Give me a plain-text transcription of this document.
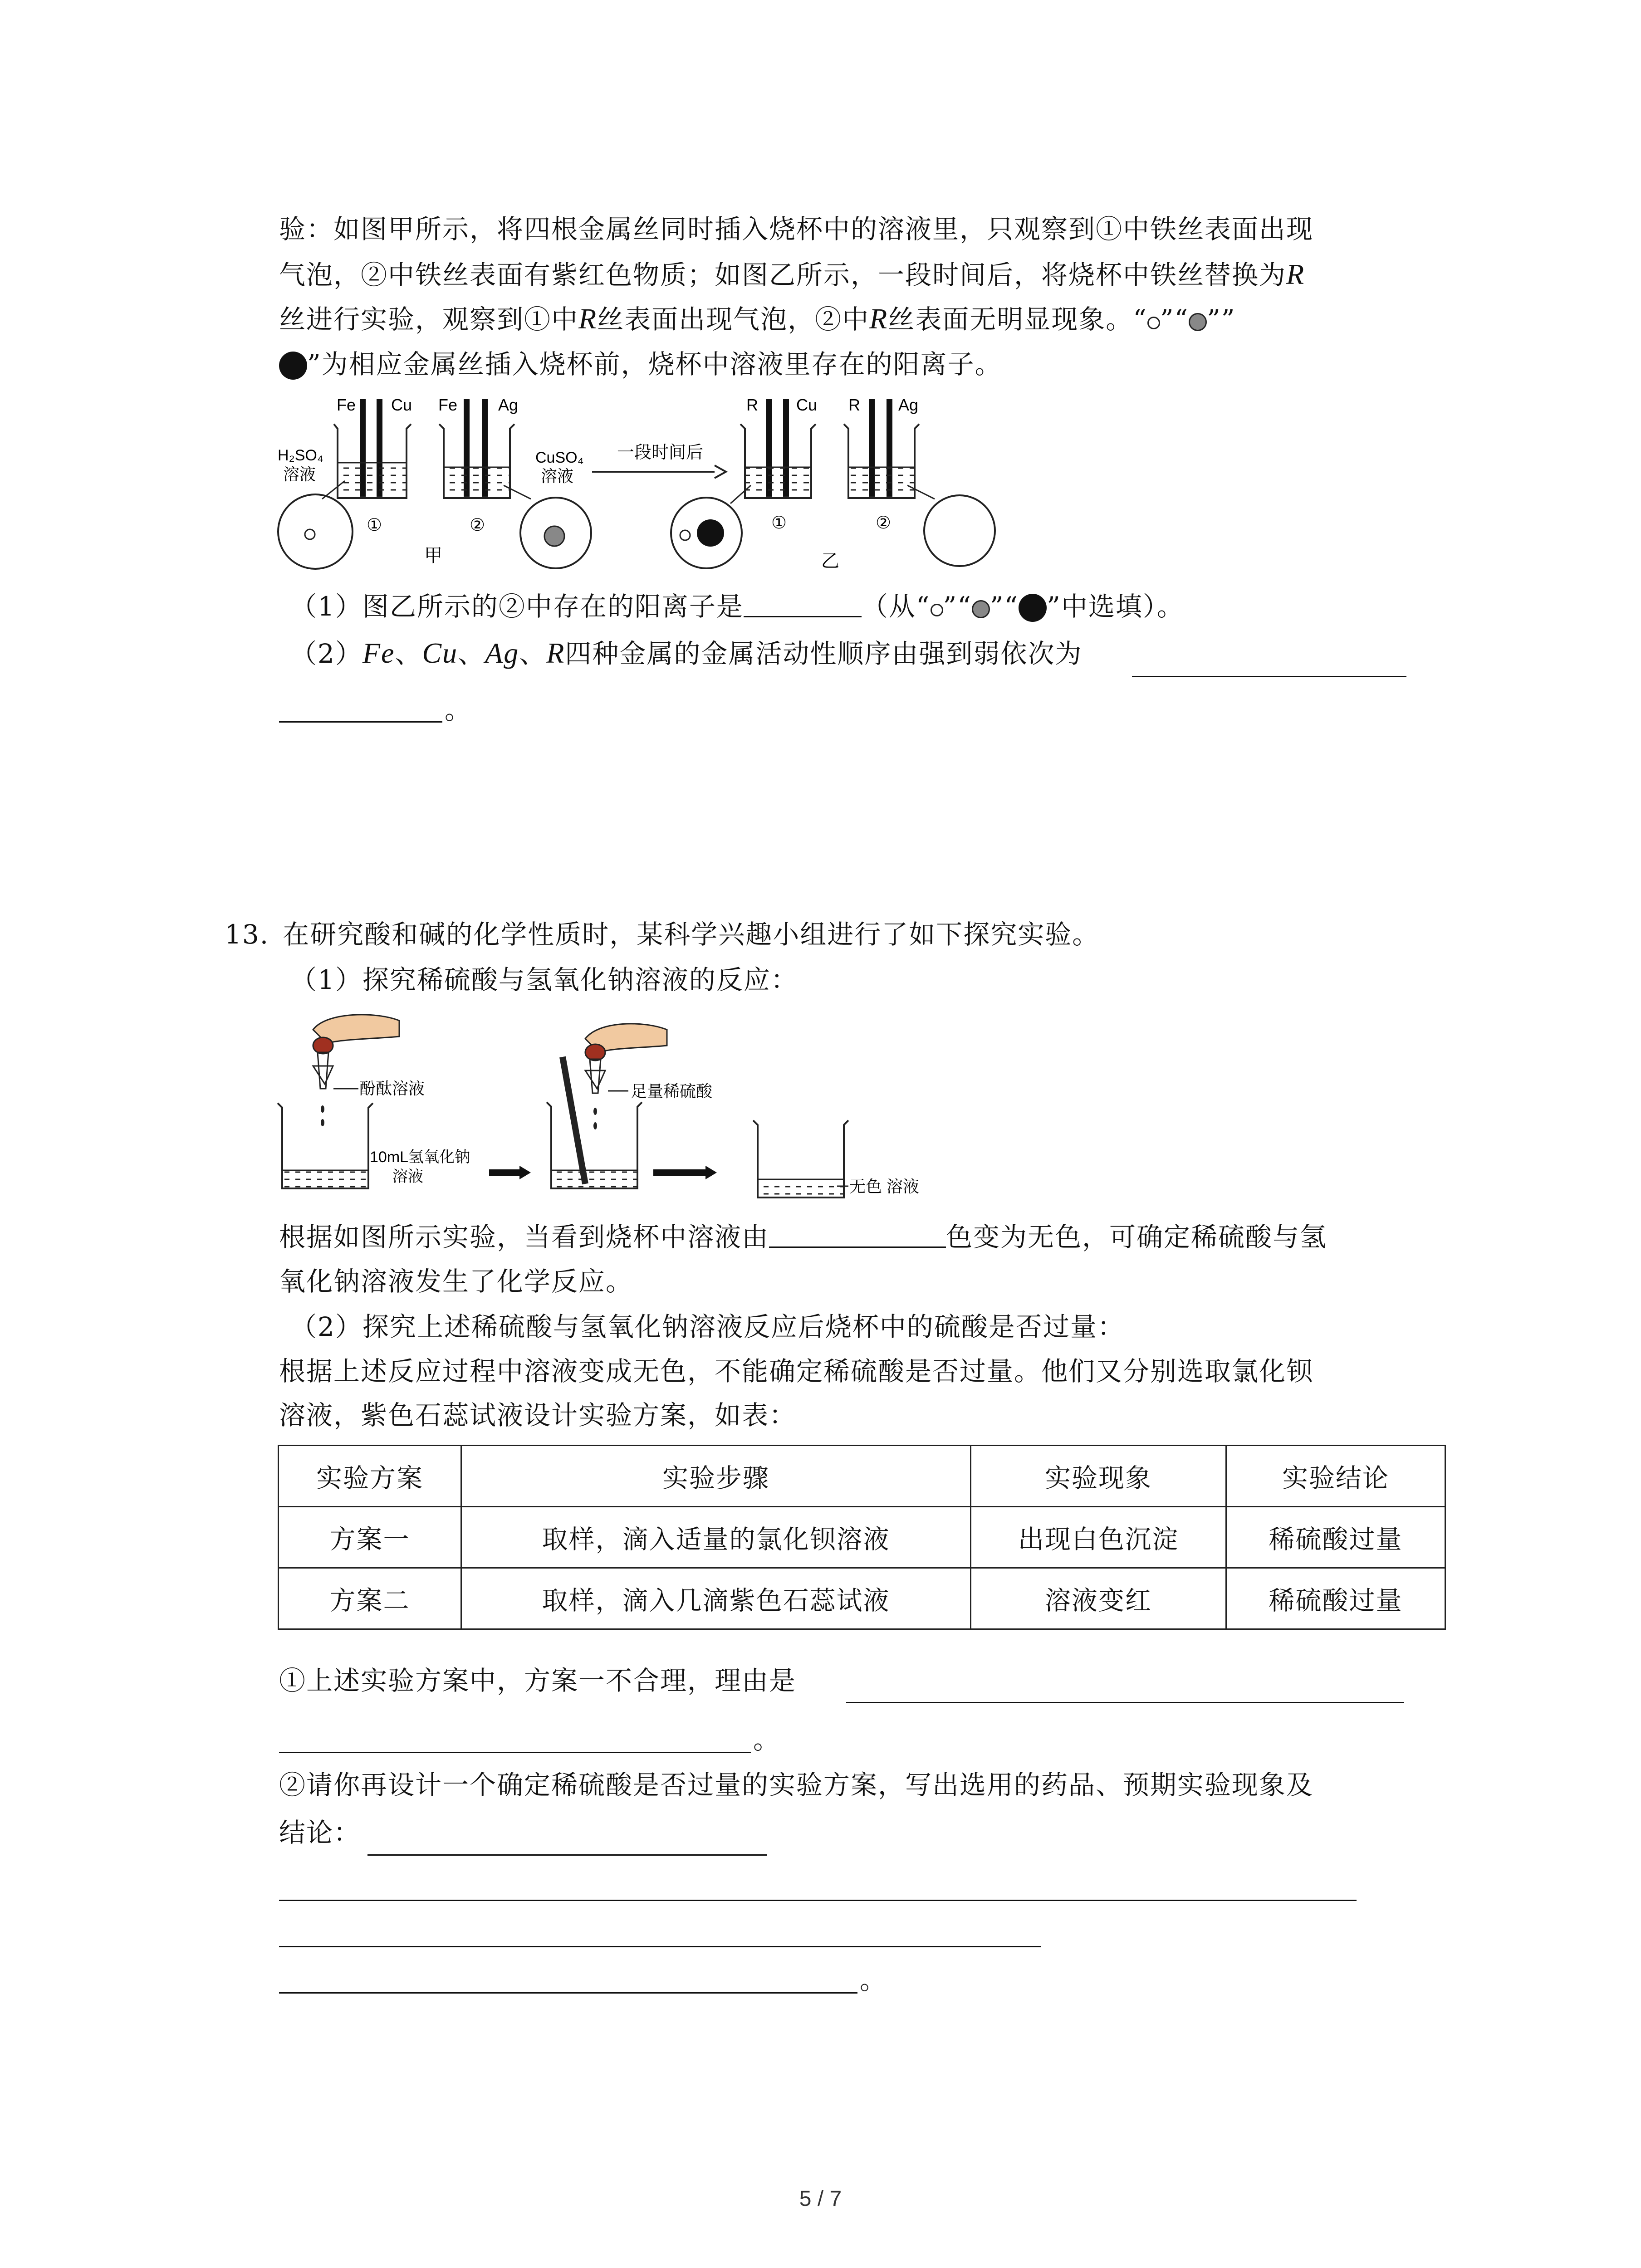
验：如图甲所示，将四根金属丝同时插入烧杯中的溶液里，只观察到①中铁丝表面出现
气泡，②中铁丝表面有紫红色物质；如图乙所示，一段时间后，将烧杯中铁丝替换为R
丝进行实验，观察到①中R丝表面出现气泡，②中R丝表面无明显现象。“ ”“ ””
”为相应金属丝插入烧杯前，烧杯中溶液里存在的阳离子。
Fe Cu
①
H₂SO₄
溶液
Fe Ag
②
CuSO₄
溶液
甲
一段时间后
R Cu
①
R Ag
②
乙
（1）图乙所示的②中存在的阳离子是	（从“ ”“ ”“ ”中选填）。
（2）Fe、Cu、Ag、R四种金属的金属活动性顺序由强到弱依次为
。
13. 在研究酸和碱的化学性质时，某科学兴趣小组进行了如下探究实验。
（1）探究稀硫酸与氢氧化钠溶液的反应：
酚酞溶液
10mL氢氧化钠
溶液
足量稀硫酸
无色 溶液
根据如图所示实验，当看到烧杯中溶液由	色变为无色，可确定稀硫酸与氢
氧化钠溶液发生了化学反应。
（2）探究上述稀硫酸与氢氧化钠溶液反应后烧杯中的硫酸是否过量：
根据上述反应过程中溶液变成无色，不能确定稀硫酸是否过量。他们又分别选取氯化钡
溶液，紫色石蕊试液设计实验方案，如表：
实验方案	实验步骤	实验现象	实验结论
方案一	取样，滴入适量的氯化钡溶液	出现白色沉淀	稀硫酸过量
方案二	取样，滴入几滴紫色石蕊试液	溶液变红	稀硫酸过量
①上述实验方案中，方案一不合理，理由是
。
②请你再设计一个确定稀硫酸是否过量的实验方案，写出选用的药品、预期实验现象及
结论：
。
5 / 7
